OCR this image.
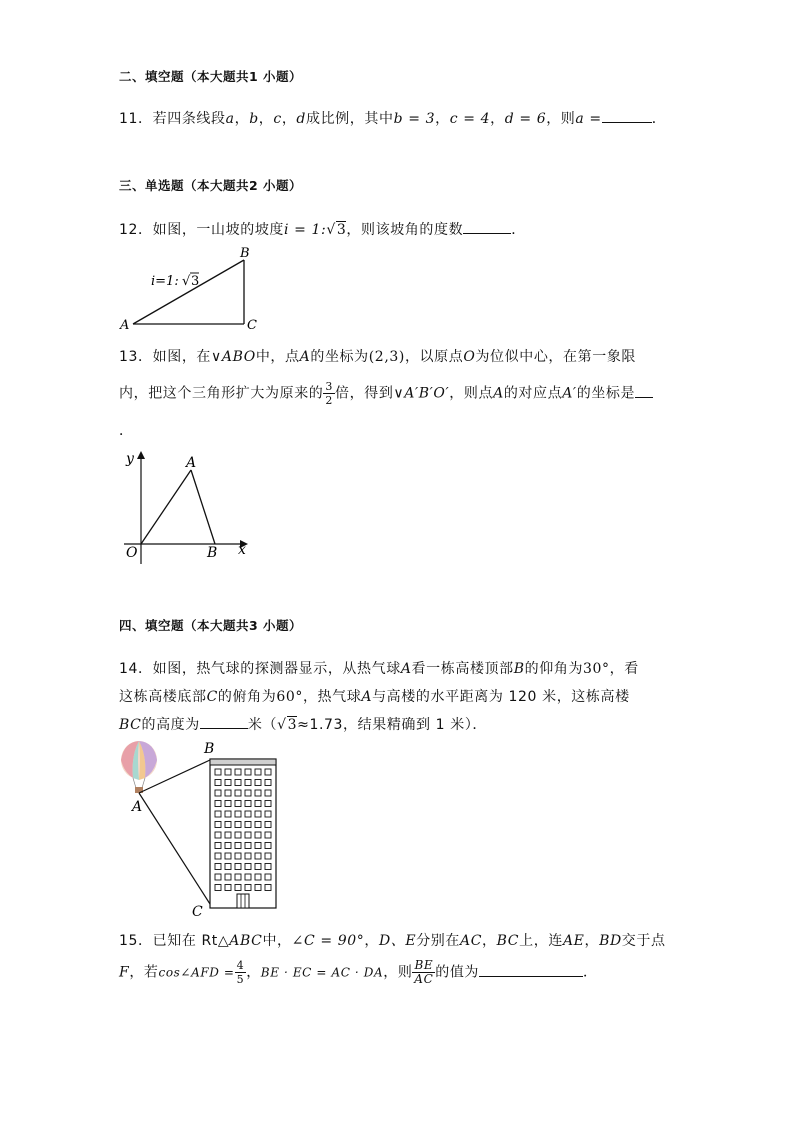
二、填空题（本大题共1 小题）
11．若四条线段a，b，c，d成比例，其中b = 3，c = 4，d = 6，则a =	．
三、单选题（本大题共2 小题）
12．如图，一山坡的坡度i = 1:√3，则该坡角的度数	．
i=1: √ 3
A
B
C
13．如图，在∨ABO中，点A的坐标为(2,3)，以原点O为位似中心，在第一象限
内，把这个三角形扩大为原来的 $\frac{3}{2}$ 倍，得到∨A′B′O′，则点A的对应点A′的坐标是
．
y
x
A
O	B
四、填空题（本大题共3 小题）
14．如图，热气球的探测器显示，从热气球A看一栋高楼顶部B的仰角为30°，看
这栋高楼底部C的俯角为60°，热气球A与高楼的水平距离为 120 米，这栋高楼
BC的高度为	米（√3≈1.73，结果精确到 1 米）．
A
B
C
15．已知在 Rt△ABC中，∠C = 90°，D、E分别在AC，BC上，连AE，BD交于点
F，若cos∠AFD = $\frac{4}{5}$ ，BE · EC = AC · DA，则 $\frac{BE}{AC}$ 的值为	．
